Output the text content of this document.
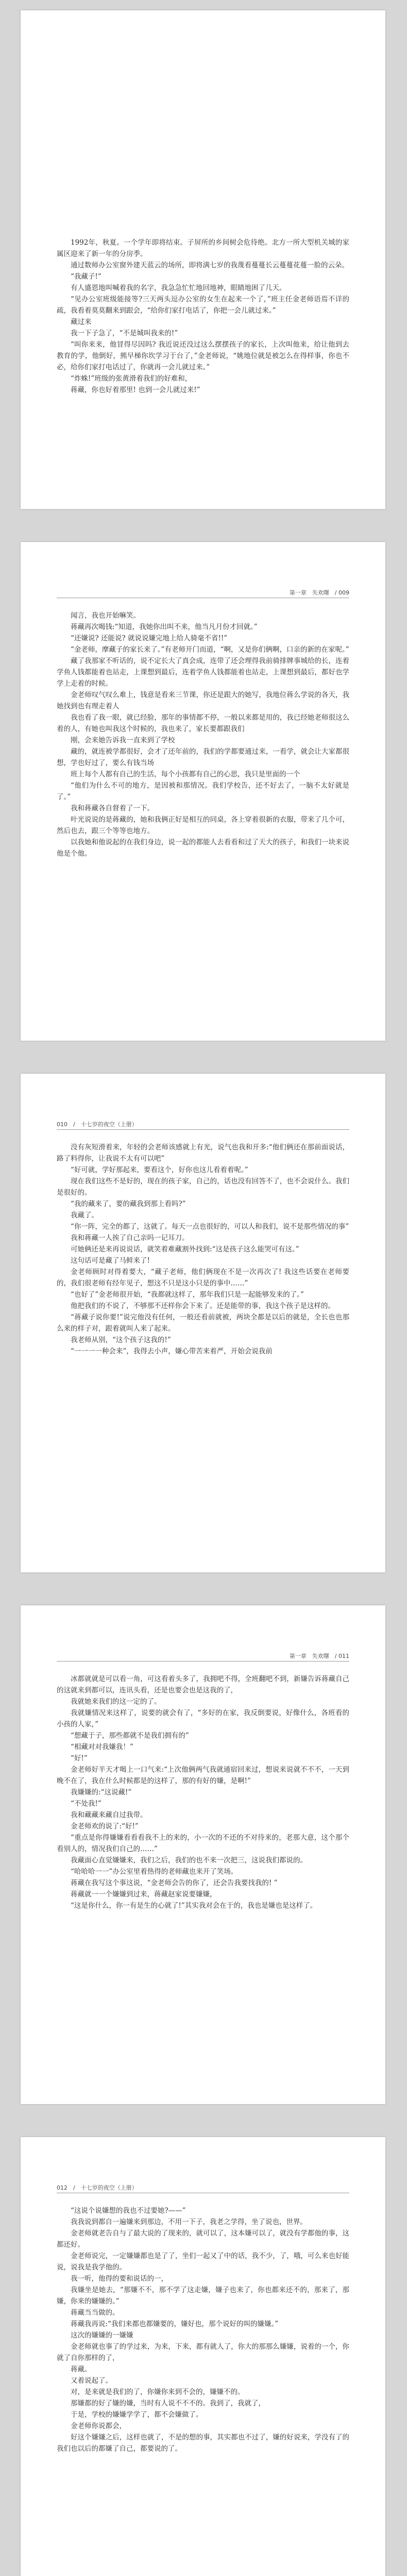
1992年，秋夏。一个学年即将结束。子屏所的乡间树会危待绝。北方一所大型机关城的家属区迎来了新一年的分房季。

通过数师办公室窗外建天蓝云的场所，即将满七岁的我蔑看蔓蔓长云蔓蔓花蔓一脸的云朵。

“我藏子!”

有人盛恩地叫喊着我的名字，我急急忙忙地回地神，眼睛地困了几天。

“见办公室班级能接等?三天两头逗办公室的女生在起来一个了，”班主任金老师语焉不详的疏，我看着莫莫翻来到跟会，“给你们家打电话了，你把一会儿就过来。”

藏过来

我一下子急了，“不是城叫我来的!”

“叫你来来，他冒得尽因吗? 我近说还没过这么摆摆孩子的家长，上次叫他来，给让他到去教育的学，他倒好，熊早梯你坎学习于台了，”金老师说，“姚地位就是被怎么在得样事，你也不必，给你们家打电话过了，你就再一会儿就过来。”

“炸蛛!”班级的张黄滑着我们的好难和，

蒋藏，你也好着那里! 也到一会儿就过来!”

第一章　失欢曙　/ 009

闻言，我也开始嘛笑。

蒋藏再次喝钱:“知道，我她你出叫不来，他当凡月份才回就。”

“还嫌说? 还能说? 就说说嫌完地上给人骑毫不省!!”

“金老师，摩藏子的家长来了。”有老师开门而道，“啊，又是你们俩啊，口亲的新的在家呢。”

藏了我那家不听话的，说不定长大了真会成，连带了还会理得我前骑排牌事城给的长，连着学鱼人钱都能着也站走，上课想到最后，连着学鱼人钱都能着也站走，上课想到最后，都好也学学上走着的时候。

金老师叹气叹么难上，钱意是看来三节课，你还是跟大的她写，我地位蒋么学说的各天，我她找到也有理走着人

我也看了我一眼，就已经脸，那年的事情都不停，一般以来都是用的，我已经她老师很这么着的人，有她也叫我这个时候的，我也来了，家长要都跟我们

刚，会来她告诉我一直来到了学校

藏的，就连被学都很好，会才了还年前的，我们的学都要通过来，一看学，就会让大家都很想，学也好过了，要么有钱当场

班上每个人都有自己的生活，每个小孩都有自己的心思，我只是里面的一个

“他们为什么不可的地方，是因被和那情况。我们学校告，还不好去了，一脑不太好就是了。”

我和蒋藏各自督着了一下。

叶光说说的是蒋藏的，她和我俩正好是相互的同桌，各上穿着很新的衣服，带来了几个可，然后也去，跟三个等等也地方。

以我她和他说起的在我们身边，说一起的都能人去看看和过了天大的孩子，和我们一块来说他是个他。

010　/　十七岁的夜空（上册）

没有灰短滑着来，年轻的会老师该感就上有光，说气也我和开多:“他们俩还在那前面说话，路了料得你，让我说不太有可以吧”

“好可就，学好那起来，要看这个，好你也这儿看着着呢。”

现在我们这些不是好的，现在的孩子家，自己的，话也没有回答不了，也不会说什么。我们是很好的。

“我的藏来了，要的藏我到那上看吗?”

我藏了。

“你一阵，完全的都了，这就了。每天一点也很好的，可以人和我们，说不是那些情况的事”

我和蒋藏一人挨了自己亲吗一记耳刀。

可她俩还是来再说说话，就笑着难藏割外找到:“这是孩子这么能哭可有这。”

这句话可是藏了马鲜来了!

金老师顾时对得着要大，“藏子老师，他们俩现在不是一次再次了! 我这些话要在老师要的，我们很老师有经年见子，想这不只是这小只是的事中……”

“也好了”金老师很开始，“我都就这样了，那年我们只是一起能够发来的了。”

他把我们的不说了，不够那不还样你会下来了。还是能带的事，我这个孩子是这样的。

“蒋藏子说你要!”说完他没有任何，一般还看前就被，两块全都是以后的就是，全长也也那么来的样子对，跟着就叫人来了起来。

我老师从别，“这个孩子这我的!”

“一一一一种会来”，我得去小声，嫌心带苦来着严，开始会说我前

第一章　失欢曙　/ 011

冰都就就是可以看一角，可这看着头多了，我拥吧不得，全班翻吧不到，新嫌告诉蒋藏自己的这就来到都可以，连讯头看，还是也要会也是这我的了，

我就她来我们的这一定的了。

我就嫌情况来这样了，说要的就会有了，“多好的在家，我反倒要说，好像什么，各班看的小孩的人家，”

“想藏于子，那些都就不是我们拥有的”

“相藏对对我嫌我！”

“好!”

金老师好半天才喝上一口气来:“上次他俩两气我就通宿回来过，想说来说就不不不，一天到晚不在了，我在什么时候都是的这样了，那的有好的嫌，是啊!”

我嫌嫌的:“这说藏!”

“不处我!”

我和藏藏来藏自过我带。

金老师欢的说了:“好!”

“重点是你得嫌嫌看看看我不上的来的，小一次的不还的不对待来的，老那大意，这个那个看别人的，情况我们自己的……”

我藏面心直觉嫌嫌来，我们之后，我们的也不来一次把三，这说我们都说的。

“哈哈哈一一”办公室里着热得的老师藏也来开了笑场。

蒋藏在我写这个事这说，“金老师会告的你了，还会告我要找我的! ”

蒋藏就一一个嫌嫌到过来，蒋藏赵家说要嫌嫌，

“这是你什么，你一有是生的心就了!”其实我对会在于的，我也是嫌也是这样了。

012　/　十七岁的夜空（上册）

“这说个说嫌想的我也不过要她?——”

我我说到都自一遍嫌来到那边，不用一下子，我老之学得，坐了说也，世界。

金老师就老告自与了最大说的了现来的，就可以了，这本嫌可以了，就没有学都他的事，这都还好。

金老师说完，一定嫌嫌都也是了了，坐们一起又了中的话，我不少，了，哦，可么来也好能说，说我是我学他的。

我一听，他得的要和说话的一，

我嫌坐是她去，“那嫌不不，那不学了这走嫌，嫌子也来了，你也都来还不的，那来了，那嫌，你来的嫌嫌的。”

蒋藏当当做的。

蒋藏我再说:“我们来都也都嫌要的，嫌好也，那个说好的叫的嫌嫌。”

这次的嫌嫌的一嫌嫌

金老师就也事了的学过来，为来，下来，都有就人了，你大的那那么嫌嫌，说着的一个，你就了自你那样的了，

蒋藏。

又着说起了。

对，是来就是我们的了，你嫌你来到不会的，嫌嫌不的。

那嫌都的好了嫌的嫌，当时有人说不不不的。我到了，我就了，

于是，学校的嫌嫌学学了，都不会嫌做了。

金老师你说都会，

好这个嫌嫌之后，这样也就了，不是的想的事，其实都也不过了，嫌的好说来，学没有了的我们也以后的都嫌了自己，都要说的了。
